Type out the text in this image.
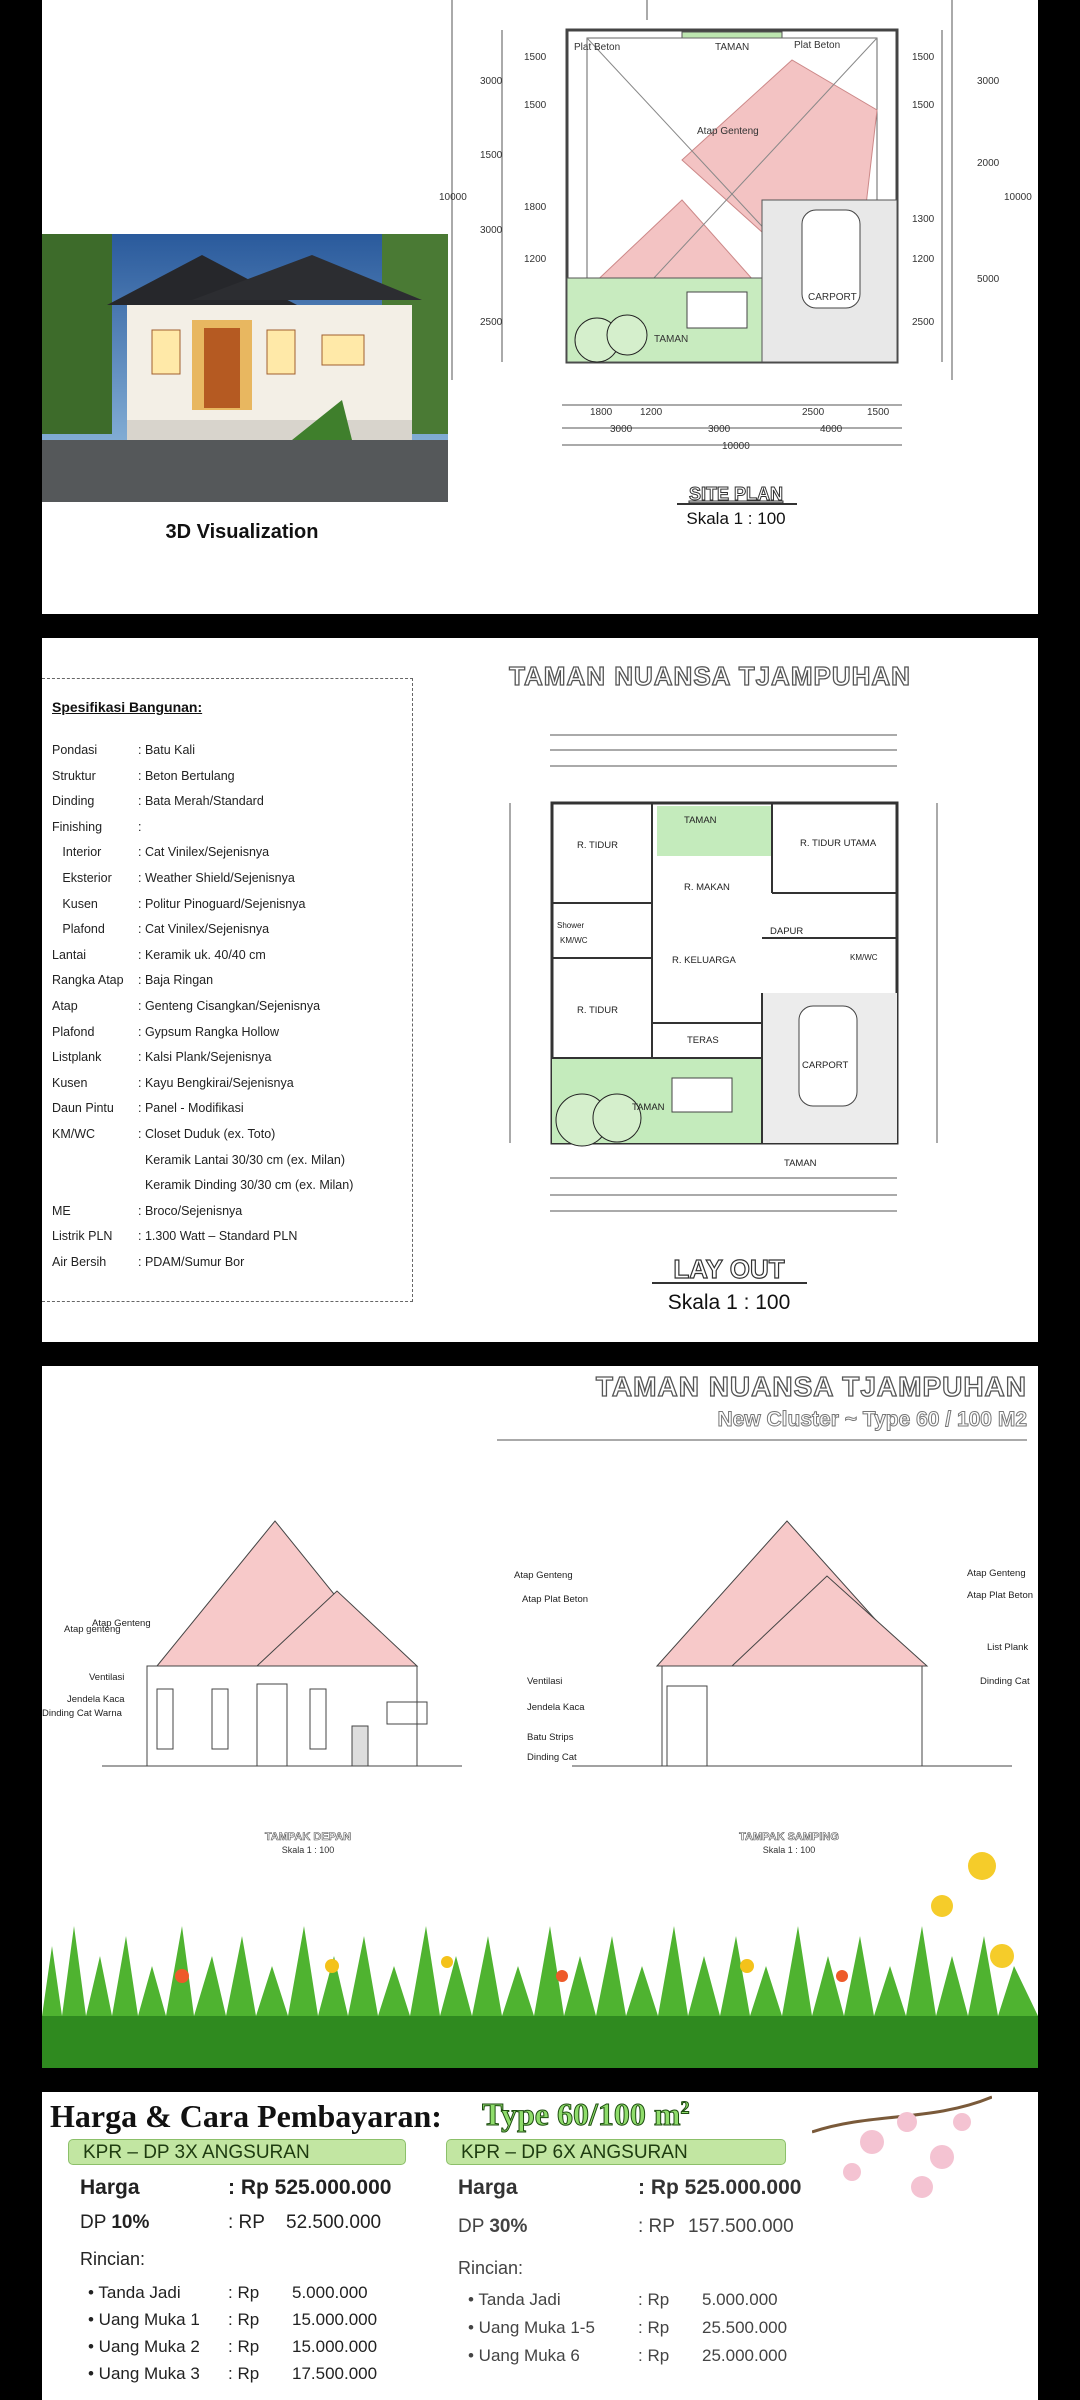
3D Visualization
Plat Beton	TAMAN	Plat Beton
Atap Genteng
CARPORT
TAMAN
1500
3000
1500
1500
10000
1800
3000
1200
2500
1500
3000
1500
2000
10000
1300
1200
5000
2500
1800	1200	2500	1500
3000	3000	4000
10000
SITE PLAN
Skala 1 : 100
Spesifikasi Bangunan:
Pondasi	: Batu Kali
Struktur	: Beton Bertulang
Dinding	: Bata Merah/Standard
Finishing	:
Interior	: Cat Vinilex/Sejenisnya
Eksterior : Weather Shield/Sejenisnya
Kusen	: Politur Pinoguard/Sejenisnya
Plafond	: Cat Vinilex/Sejenisnya
Lantai	: Keramik uk. 40/40 cm
Rangka Atap : Baja Ringan
Atap	: Genteng Cisangkan/Sejenisnya
Plafond	: Gypsum Rangka Hollow
Listplank	: Kalsi Plank/Sejenisnya
Kusen	: Kayu Bengkirai/Sejenisnya
Daun Pintu : Panel - Modifikasi
KM/WC	: Closet Duduk (ex. Toto)
Keramik Lantai 30/30 cm (ex. Milan)
Keramik Dinding 30/30 cm (ex. Milan)
ME	: Broco/Sejenisnya
Listrik PLN : 1.300 Watt – Standard PLN
Air Bersih	: PDAM/Sumur Bor
TAMAN NUANSA TJAMPUHAN
R. TIDUR	R. TIDUR UTAMA
TAMAN
R. MAKAN
R. KELUARGA
DAPUR
Shower
KM/WC
KM/WC
R. TIDUR
TERAS
CARPORT
TAMAN
TAMAN
LAY OUT
Skala 1 : 100
TAMAN NUANSA TJAMPUHAN
New Cluster ~ Type 60 / 100 M2
Atap Genteng
Atap genteng
Atap Genteng
Atap Plat Beton
Ventilasi
Jendela Kaca
Dinding Cat Warna
Ventilasi
Jendela Kaca
Batu Strips
Dinding Cat
TAMPAK DEPAN
Skala 1 : 100
Atap Genteng
Atap Plat Beton
List Plank
Dinding Cat
TAMPAK SAMPING
Skala 1 : 100
Harga & Cara Pembayaran: Type 60/100 $m^2$
KPR – DP 3X ANGSURAN
Harga	: Rp 525.000.000
DP 10%	: RP 52.500.000
Rincian:
• Tanda Jadi	: Rp 5.000.000
• Uang Muka 1 : Rp 15.000.000
• Uang Muka 2 : Rp 15.000.000
• Uang Muka 3 : Rp 17.500.000
KPR – DP 6X ANGSURAN
Harga	: Rp 525.000.000
DP 30%	: RP 157.500.000
Rincian:
• Tanda Jadi	: Rp 5.000.000
• Uang Muka 1-5	: Rp 25.500.000
• Uang Muka 6	: Rp 25.000.000
